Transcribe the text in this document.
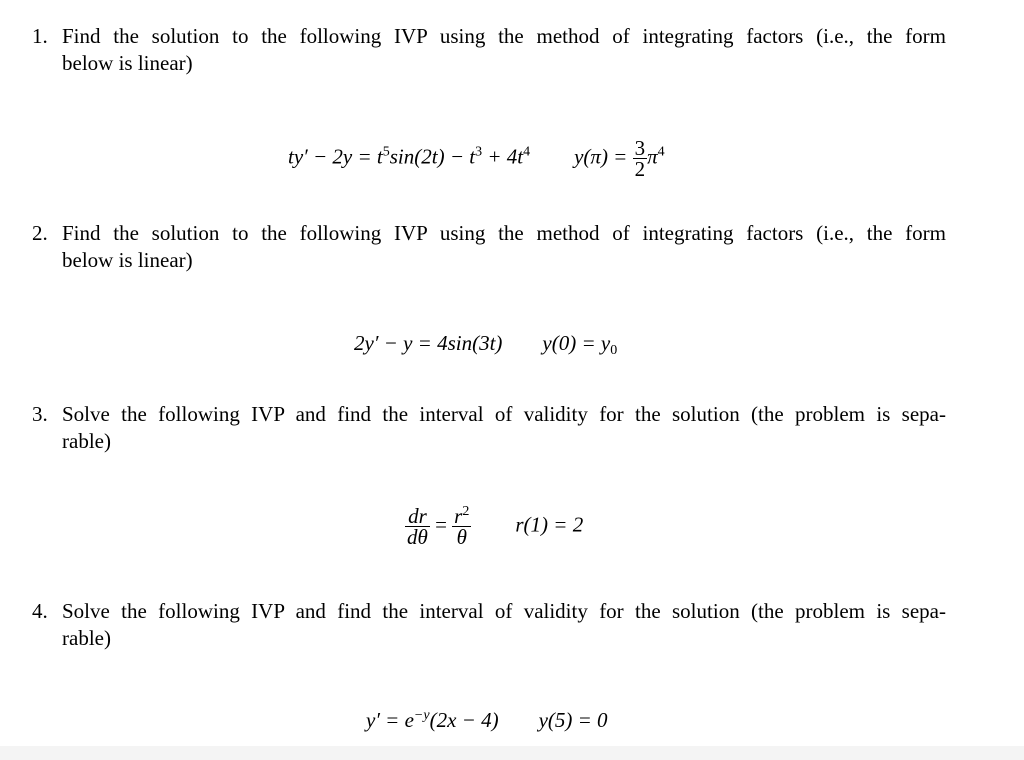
1. Find the solution to the following IVP using the method of integrating factors (i.e., the form
below is linear)
$ty' - 2y = t^5\sin(2t) - t^3 + 4t^4$ $y(\pi) = \frac{3}{2} \pi^4$
2. Find the solution to the following IVP using the method of integrating factors (i.e., the form
below is linear)
2y′ − y = 4sin(3t) y(0) = y0
3. Solve the following IVP and find the interval of validity for the solution (the problem is sepa-
rable)
$\frac{dr}{d\theta} = \frac{r^2}{\theta} r(1) = 2$
4. Solve the following IVP and find the interval of validity for the solution (the problem is sepa-
rable)
$y' = e^{-y}(2x - 4) y(5) = 0$
